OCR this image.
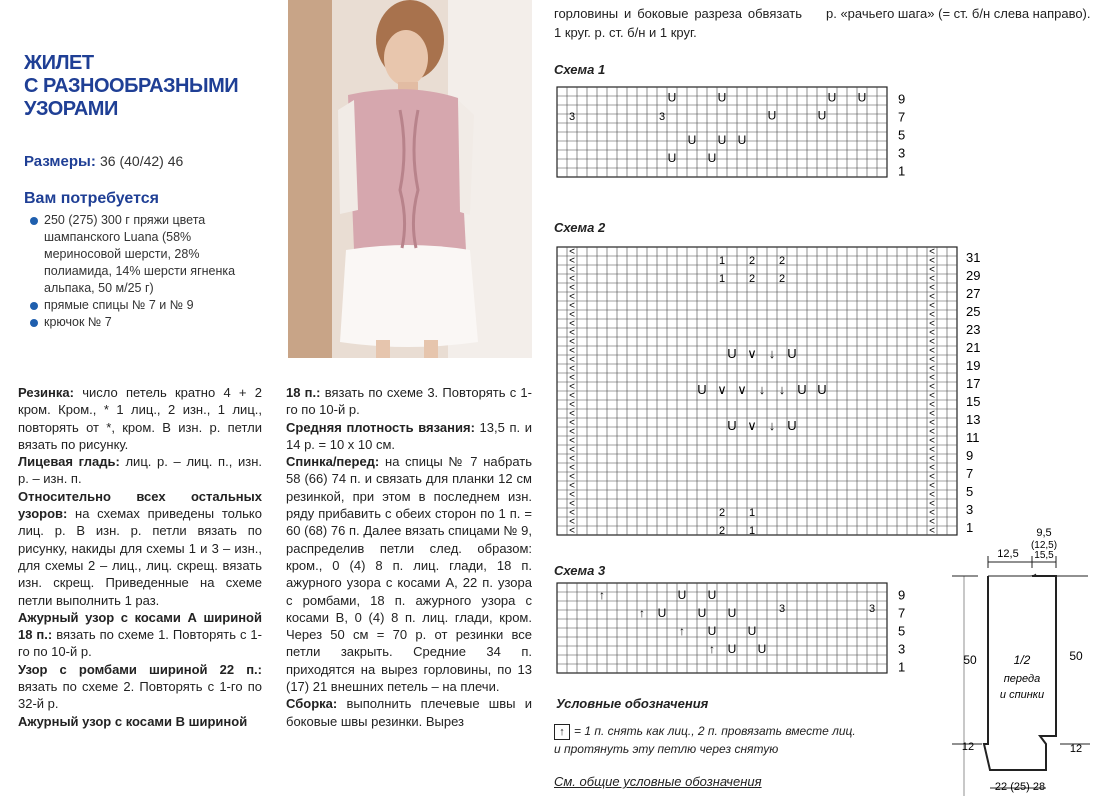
ЖИЛЕТ
С РАЗНООБРАЗНЫМИ
УЗОРАМИ
Размеры: 36 (40/42) 46
Вам потребуется
250 (275) 300 г пряжи цвета шампанского Luana (58% мериносовой шерсти, 28% полиамида, 14% шерсти ягненка альпака, 50 м/25 г)
прямые спицы № 7 и № 9
крючок № 7

Резинка: число петель кратно 4 + 2 кром. Кром., * 1 лиц., 2 изн., 1 лиц., повторять от *, кром. В изн. р. петли вязать по рисунку.

Лицевая гладь: лиц. р. – лиц. п., изн. р. – изн. п.

Относительно всех остальных узоров: на схемах приведены только лиц. р. В изн. р. петли вязать по рисунку, накиды для схемы 1 и 3 – изн., для схемы 2 – лиц., лиц. скрещ. вязать изн. скрещ. Приведенные на схеме петли выполнить 1 раз.

Ажурный узор с косами А шириной 18 п.: вязать по схеме 1. Повторять с 1-го по 10-й р.

Узор с ромбами шириной 22 п.: вязать по схеме 2. Повторять с 1-го по 32-й р.

Ажурный узор с косами В шириной

18 п.: вязать по схеме 3. Повторять с 1-го по 10-й р.

Средняя плотность вязания: 13,5 п. и 14 р. = 10 х 10 см.

Спинка/перед: на спицы № 7 набрать 58 (66) 74 п. и связать для планки 12 см резинкой, при этом в последнем изн. ряду прибавить с обеих сторон по 1 п. = 60 (68) 76 п. Далее вязать спицами № 9, распределив петли след. образом: кром., 0 (4) 8 п. лиц. глади, 18 п. ажурного узора с косами А, 22 п. узора с ромбами, 18 п. ажурного узора с косами В, 0 (4) 8 п. лиц. глади, кром. Через 50 см = 70 р. от резинки все петли закрыть. Средние 34 п. приходятся на вырез горловины, по 13 (17) 21 внешних петель – на плечи.

Сборка: выполнить плечевые швы и боковые швы резинки. Вырез

горловины и боковые разреза обвязать 1 круг. р. ст. б/н и 1 круг.
р. «рачьего шага» (= ст. б/н слева направо).
Схема 1
Схема 2
Схема 3
U	U
U	U
U U
3	3
U U U
U	U
9
7
5
3
1
<	<
<	<
<	<
<	<
<	<
<	<
<	<
<	<
<	<
<	<
<	<
<	<
<	<
<	<
<	<
<	<
<	<
<	<
<	<
<	<
<	<
<	<
<	<
<	<
<	<
<	<
<	<
<	<
<	<
<	<
<	<
<	<
1 2 2
1 2 2
2 1
2 1
U ∨ ↓ U
U ∨ ∨ ↓ ↓ U U
U ∨ ↓ U
31
29
27
25
23
21
19
17
15
13
11
9
7
5
3
1
↑
↑
↑
↑
U U
U	U U
U	U
U U
3	3
9
7
5
3
1
Условные обозначения
↑ = 1 п. снять как лиц., 2 п. провязать вместе лиц.
и протянуть эту петлю через снятую
См. общие условные обозначения
12,5
9,5
(12,5)
15,5
50	50
1/2
переда
и спинки
12	12
22 (25) 28
